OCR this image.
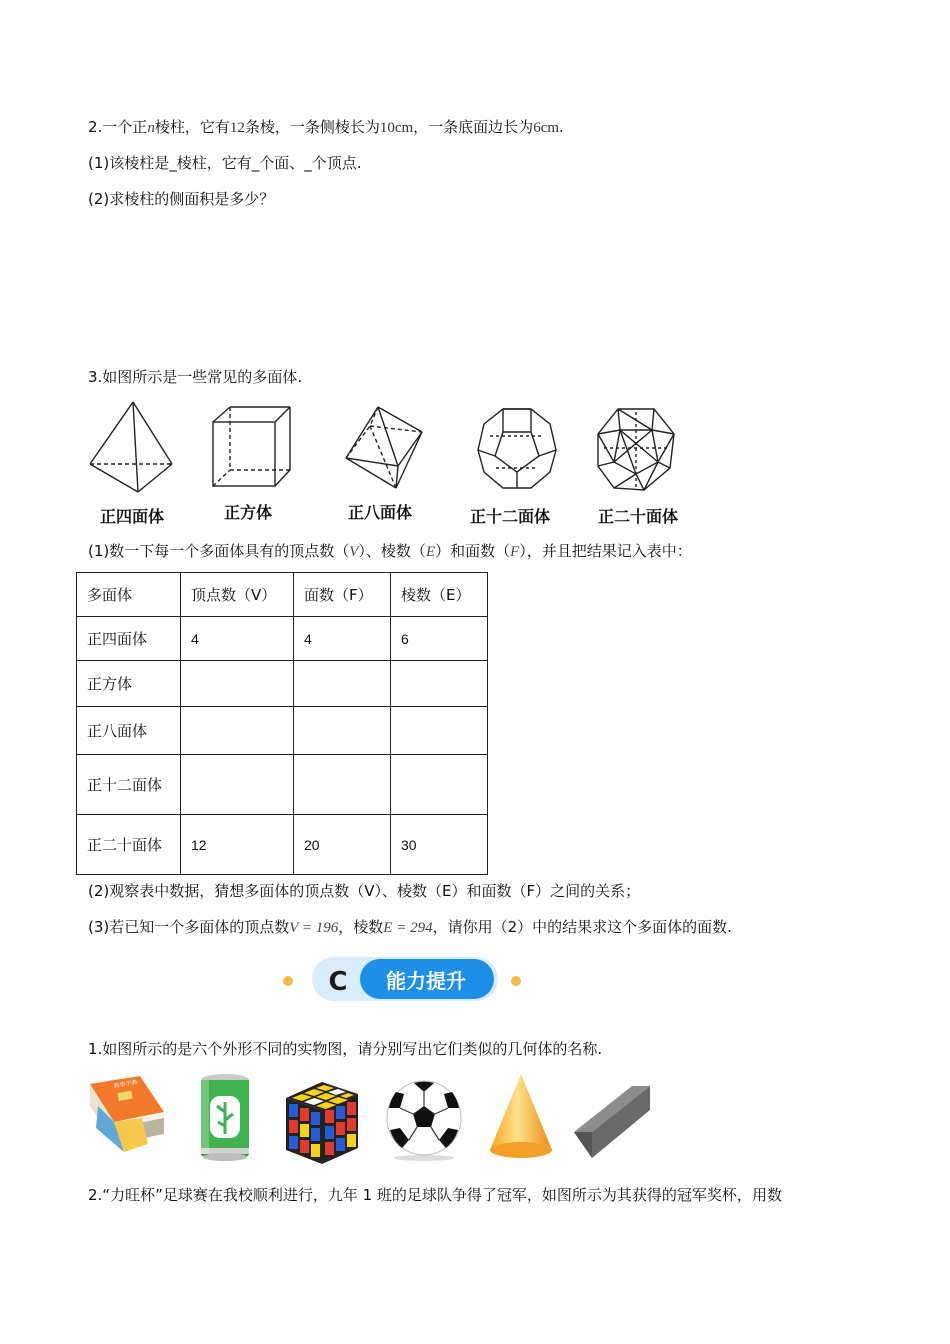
2.一个正n棱柱，它有12条棱，一条侧棱长为10cm，一条底面边长为6cm.
(1)该棱柱是_棱柱，它有_个面、_个顶点.
(2)求棱柱的侧面积是多少？
3.如图所示是一些常见的多面体.
正四面体	正方体	正八面体	正十二面体	正二十面体
(1)数一下每一个多面体具有的顶点数（V）、棱数（E）和面数（F），并且把结果记入表中：
多面体	顶点数（V）	面数（F）	棱数（E）
正四面体	4	4	6
正方体			
正八面体			
正十二面体			
正二十面体	12	20	30
(2)观察表中数据，猜想多面体的顶点数（V）、棱数（E）和面数（F）之间的关系；
(3)若已知一个多面体的顶点数V = 196，棱数E = 294，请你用（2）中的结果求这个多面体的面数.
C 能力提升
1.如图所示的是六个外形不同的实物图，请分别写出它们类似的几何体的名称.
新华字典
2.“力旺杯”足球赛在我校顺利进行，九年 1 班的足球队争得了冠军，如图所示为其获得的冠军奖杯，用数
